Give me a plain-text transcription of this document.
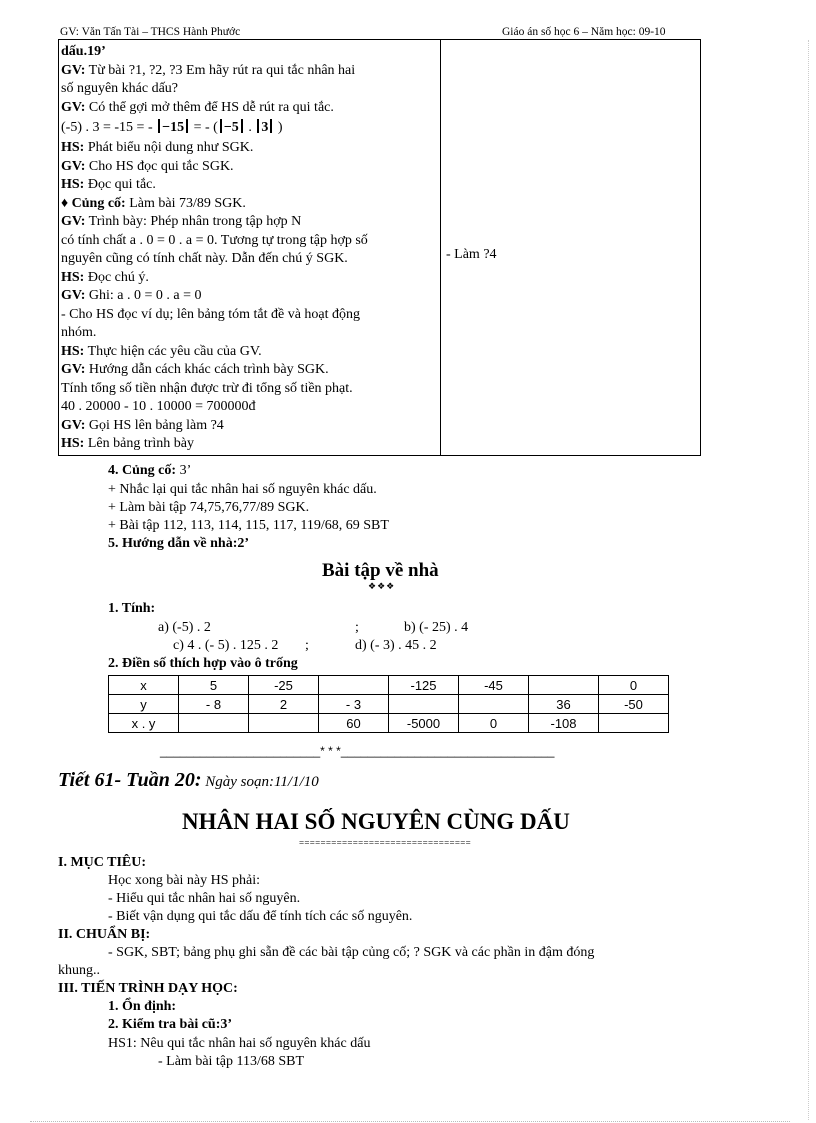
GV: Văn Tấn Tài – THCS Hành Phước	Giáo án số học 6 – Năm học: 09-10

dấu.19’

GV: Từ bài ?1, ?2, ?3 Em hãy rút ra qui tắc nhân hai

số nguyên khác dấu?

GV: Có thể gợi mở thêm để HS dễ rút ra qui tắc.

(-5) . 3 = -15 = - −15 = - ( −5 . 3 )

HS: Phát biểu nội dung như SGK.

GV: Cho HS đọc qui tắc SGK.

HS: Đọc qui tắc.

♦ Củng cố: Làm bài 73/89 SGK.

GV: Trình bày: Phép nhân trong tập hợp N

có tính chất a . 0 = 0 . a = 0. Tương tự trong tập hợp số

nguyên cũng có tính chất này. Dẫn đến chú ý SGK.

HS: Đọc chú ý.

GV: Ghi: a . 0 = 0 . a = 0

- Cho HS đọc ví dụ; lên bảng tóm tắt đề và hoạt động

nhóm.

HS: Thực hiện các yêu cầu của GV.

GV: Hướng dẫn cách khác cách trình bày SGK.

Tính tổng số tiền nhận được trừ đi tổng số tiền phạt.

40 . 20000 - 10 . 10000 = 700000đ

GV: Gọi HS lên bảng làm ?4

HS: Lên bảng trình bày

- Làm ?4
4. Củng cố: 3’
+ Nhắc lại qui tắc nhân hai số nguyên khác dấu.
+ Làm bài tập 74,75,76,77/89 SGK.
+ Bài tập 112, 113, 114, 115, 117, 119/68, 69 SBT
5. Hướng dẫn về nhà:2’
Bài tập về nhà
❖❖❖
1. Tính:
a) (-5) . 2	;	b) (- 25) . 4
c) 4 . (- 5) . 125 . 2 ;	d) (- 3) . 45 . 2
2. Điền số thích hợp vào ô trống
x	5	-25		-125	-45		0
y	- 8	2	- 3			36	-50
x . y			60	-5000	0	-108	
________________________* * *________________________________
Tiết 61- Tuần 20: Ngày soạn:11/1/10
NHÂN HAI SỐ NGUYÊN CÙNG DẤU
================================
I. MỤC TIÊU:
Học xong bài này HS phải:
- Hiểu qui tắc nhân hai số nguyên.
- Biết vận dụng qui tắc dấu để tính tích các số nguyên.
II. CHUẨN BỊ:
- SGK, SBT; bảng phụ ghi sẵn đề các bài tập củng cố; ? SGK và các phần in đậm đóng
khung..
III. TIẾN TRÌNH DẠY HỌC:
1. Ổn định:
2. Kiểm tra bài cũ:3’
HS1: Nêu qui tắc nhân hai số nguyên khác dấu
- Làm bài tập 113/68 SBT
